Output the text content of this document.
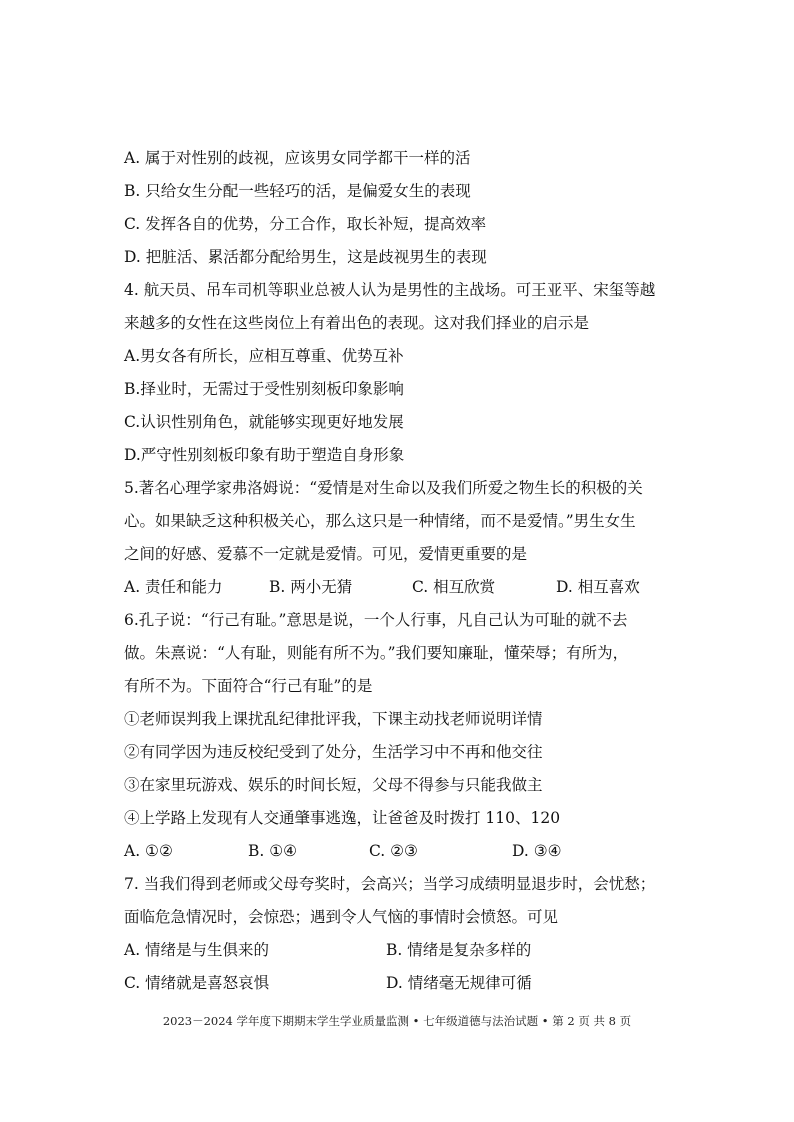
A. 属于对性别的歧视，应该男女同学都干一样的活
B. 只给女生分配一些轻巧的活，是偏爱女生的表现
C. 发挥各自的优势，分工合作，取长补短，提高效率
D. 把脏活、累活都分配给男生，这是歧视男生的表现
4. 航天员、吊车司机等职业总被人认为是男性的主战场。可王亚平、宋玺等越
来越多的女性在这些岗位上有着出色的表现。这对我们择业的启示是
A.男女各有所长，应相互尊重、优势互补
B.择业时，无需过于受性别刻板印象影响
C.认识性别角色，就能够实现更好地发展
D.严守性别刻板印象有助于塑造自身形象
5.著名心理学家弗洛姆说：“爱情是对生命以及我们所爱之物生长的积极的关
心。如果缺乏这种积极关心，那么这只是一种情绪，而不是爱情。”男生女生
之间的好感、爱慕不一定就是爱情。可见，爱情更重要的是
A. 责任和能力	B. 两小无猜	C. 相互欣赏	D. 相互喜欢
6.孔子说：“行己有耻。”意思是说，一个人行事，凡自己认为可耻的就不去
做。朱熹说：“人有耻，则能有所不为。”我们要知廉耻，懂荣辱；有所为，
有所不为。下面符合“行己有耻”的是
①老师误判我上课扰乱纪律批评我，下课主动找老师说明详情
②有同学因为违反校纪受到了处分，生活学习中不再和他交往
③在家里玩游戏、娱乐的时间长短，父母不得参与只能我做主
④上学路上发现有人交通肇事逃逸，让爸爸及时拨打 110、120
A. ①②	B. ①④	C. ②③	D. ③④
7. 当我们得到老师或父母夸奖时，会高兴；当学习成绩明显退步时，会忧愁；
面临危急情况时，会惊恐；遇到令人气恼的事情时会愤怒。可见
A. 情绪是与生俱来的	B. 情绪是复杂多样的
C. 情绪就是喜怒哀惧	D. 情绪毫无规律可循
2023－2024 学年度下期期末学生学业质量监测 • 七年级道德与法治试题 • 第 2 页 共 8 页
